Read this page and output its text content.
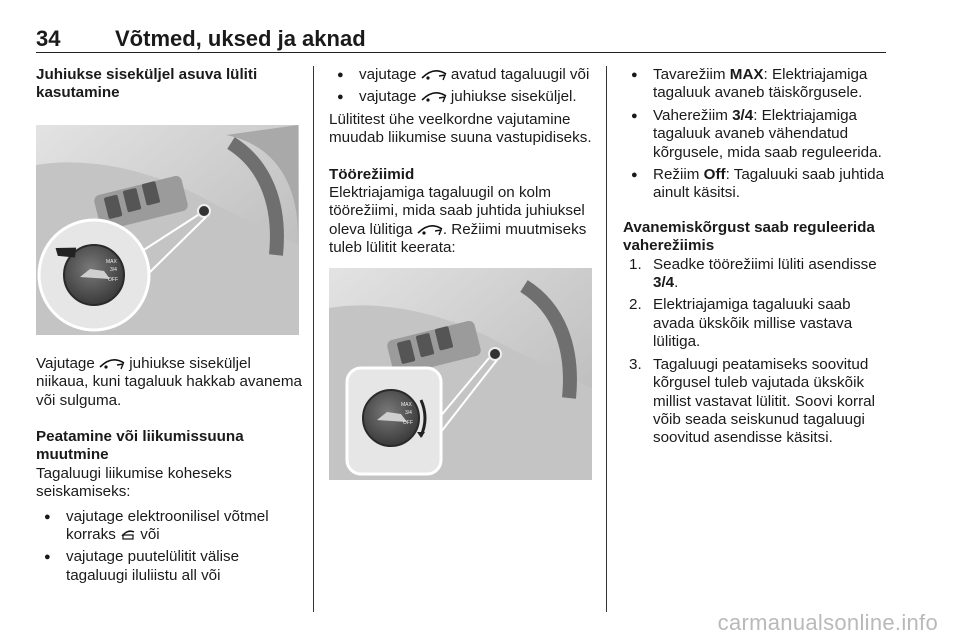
34 Võtmed, uksed ja aknad

Juhiukse siseküljel asuva lüliti kasutamine

MAX
3/4
OFF

Vajutage  juhiukse siseküljel niikaua, kuni tagaluuk hakkab avanema või sulguma.

Peatamine või liikumissuuna muutmine

Tagaluugi liikumise koheseks seiskamiseks:

● vajutage elektroonilisel võtmel korraks  või
● vajutage puutelülitit välise tagaluugi iluliistu all või
● vajutage  avatud tagaluugil või
● vajutage  juhiukse siseküljel.

Lülititest ühe veelkordne vajutamine muudab liikumise suuna vastupidiseks.

Töörežiimid

Elektriajamiga tagaluugil on kolm töörežiimi, mida saab juhtida juhiuksel oleva lülitiga . Režiimi muutmiseks tuleb lülitit keerata:

MAX
3/4
OFF
● Tavarežiim MAX: Elektriajamiga tagaluuk avaneb täiskõrgusele.
● Vaherežiim 3/4: Elektriajamiga tagaluuk avaneb vähendatud kõrgusele, mida saab reguleerida.
● Režiim Off: Tagaluuki saab juhtida ainult käsitsi.

Avanemiskõrgust saab reguleerida vaherežiimis

1. Seadke töörežiimi lüliti asendisse 3/4.
2. Elektriajamiga tagaluuki saab avada ükskõik millise vastava lülitiga.
3. Tagaluugi peatamiseks soovitud kõrgusel tuleb vajutada ükskõik millist vastavat lülitit. Soovi korral võib seada seiskunud tagaluugi soovitud asendisse käsitsi.
carmanualsonline.info
